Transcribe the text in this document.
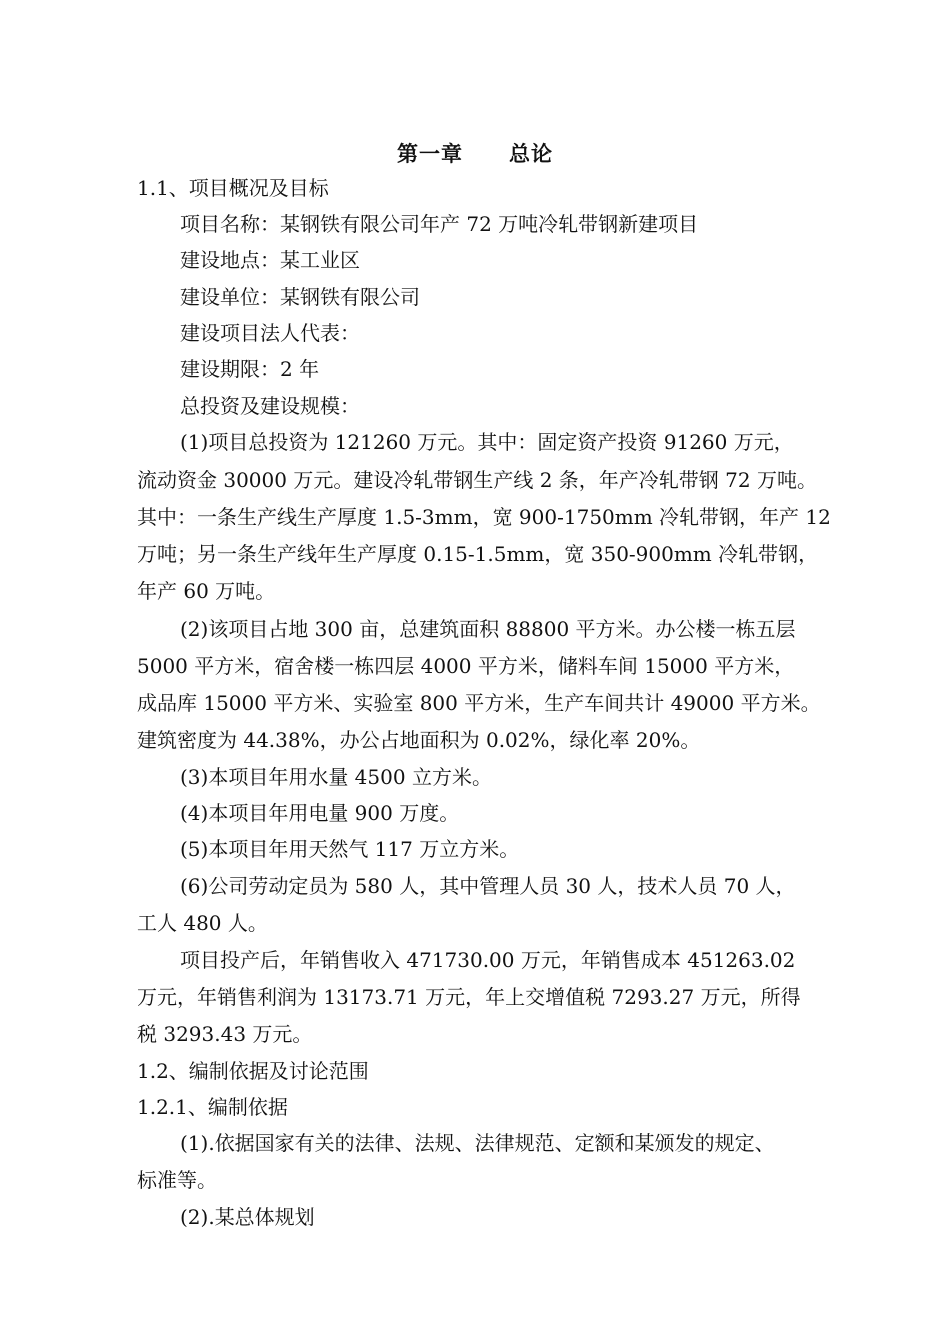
第一章 总论
1.1、项目概况及目标
项目名称：某钢铁有限公司年产 72 万吨冷轧带钢新建项目
建设地点：某工业区
建设单位：某钢铁有限公司
建设项目法人代表：
建设期限：2 年
总投资及建设规模：
(1)项目总投资为 121260 万元。其中：固定资产投资 91260 万元，
流动资金 30000 万元。建设冷轧带钢生产线 2 条，年产冷轧带钢 72 万吨。
其中：一条生产线生产厚度 1.5-3mm，宽 900-1750mm 冷轧带钢，年产 12
万吨；另一条生产线年生产厚度 0.15-1.5mm，宽 350-900mm 冷轧带钢，
年产 60 万吨。
(2)该项目占地 300 亩，总建筑面积 88800 平方米。办公楼一栋五层
5000 平方米，宿舍楼一栋四层 4000 平方米，储料车间 15000 平方米，
成品库 15000 平方米、实验室 800 平方米，生产车间共计 49000 平方米。
建筑密度为 44.38%，办公占地面积为 0.02%，绿化率 20%。
(3)本项目年用水量 4500 立方米。
(4)本项目年用电量 900 万度。
(5)本项目年用天然气 117 万立方米。
(6)公司劳动定员为 580 人，其中管理人员 30 人，技术人员 70 人，
工人 480 人。
项目投产后，年销售收入 471730.00 万元，年销售成本 451263.02
万元，年销售利润为 13173.71 万元，年上交增值税 7293.27 万元，所得
税 3293.43 万元。
1.2、编制依据及讨论范围
1.2.1、编制依据
(1).依据国家有关的法律、法规、法律规范、定额和某颁发的规定、
标准等。
(2).某总体规划
